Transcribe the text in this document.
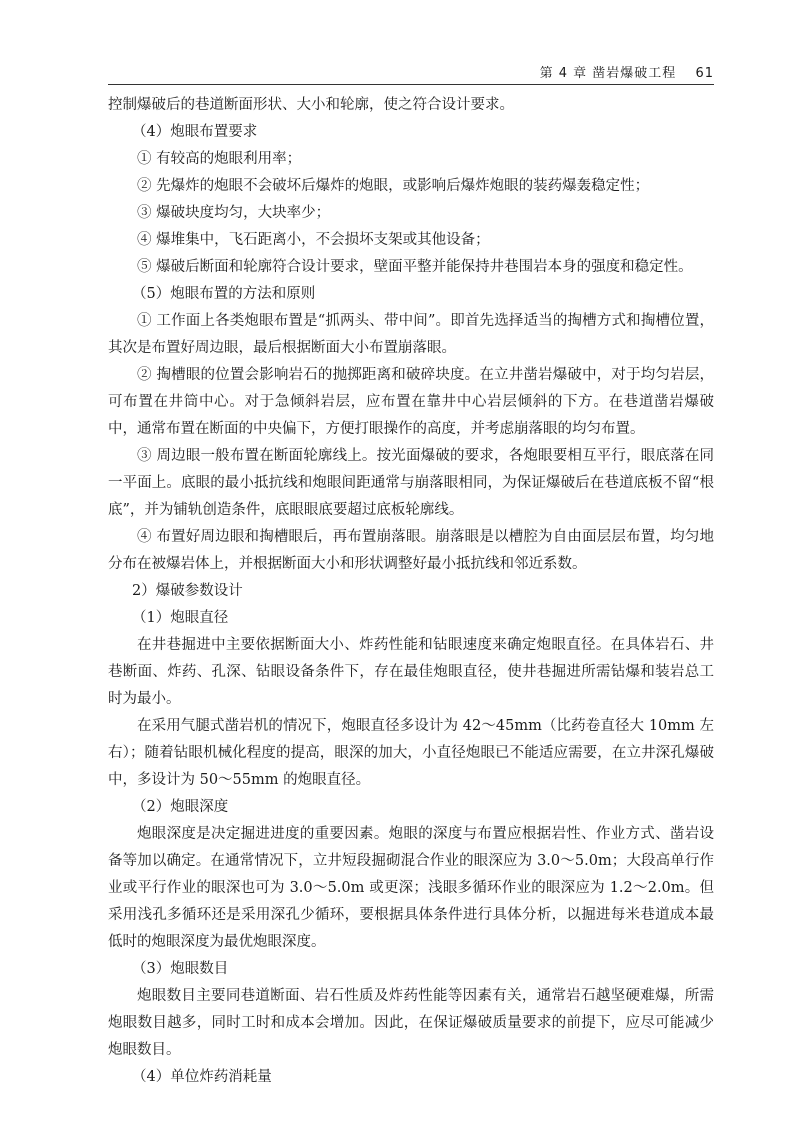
第 4 章 凿岩爆破工程 61

控制爆破后的巷道断面形状、大小和轮廓，使之符合设计要求。

（4）炮眼布置要求

① 有较高的炮眼利用率；

② 先爆炸的炮眼不会破坏后爆炸的炮眼，或影响后爆炸炮眼的装药爆轰稳定性；

③ 爆破块度均匀，大块率少；

④ 爆堆集中，飞石距离小，不会损坏支架或其他设备；

⑤ 爆破后断面和轮廓符合设计要求，壁面平整并能保持井巷围岩本身的强度和稳定性。

（5）炮眼布置的方法和原则

① 工作面上各类炮眼布置是“抓两头、带中间”。即首先选择适当的掏槽方式和掏槽位置，其次是布置好周边眼，最后根据断面大小布置崩落眼。

② 掏槽眼的位置会影响岩石的抛掷距离和破碎块度。在立井凿岩爆破中，对于均匀岩层，可布置在井筒中心。对于急倾斜岩层，应布置在靠井中心岩层倾斜的下方。在巷道凿岩爆破中，通常布置在断面的中央偏下，方便打眼操作的高度，并考虑崩落眼的均匀布置。

③ 周边眼一般布置在断面轮廓线上。按光面爆破的要求，各炮眼要相互平行，眼底落在同一平面上。底眼的最小抵抗线和炮眼间距通常与崩落眼相同，为保证爆破后在巷道底板不留“根底”，并为铺轨创造条件，底眼眼底要超过底板轮廓线。

④ 布置好周边眼和掏槽眼后，再布置崩落眼。崩落眼是以槽腔为自由面层层布置，均匀地分布在被爆岩体上，并根据断面大小和形状调整好最小抵抗线和邻近系数。

2）爆破参数设计

（1）炮眼直径

在井巷掘进中主要依据断面大小、炸药性能和钻眼速度来确定炮眼直径。在具体岩石、井巷断面、炸药、孔深、钻眼设备条件下，存在最佳炮眼直径，使井巷掘进所需钻爆和装岩总工时为最小。

在采用气腿式凿岩机的情况下，炮眼直径多设计为 42～45mm（比药卷直径大 10mm 左右）；随着钻眼机械化程度的提高，眼深的加大，小直径炮眼已不能适应需要，在立井深孔爆破中，多设计为 50～55mm 的炮眼直径。

（2）炮眼深度

炮眼深度是决定掘进进度的重要因素。炮眼的深度与布置应根据岩性、作业方式、凿岩设备等加以确定。在通常情况下，立井短段掘砌混合作业的眼深应为 3.0～5.0m；大段高单行作业或平行作业的眼深也可为 3.0～5.0m 或更深；浅眼多循环作业的眼深应为 1.2～2.0m。但采用浅孔多循环还是采用深孔少循环，要根据具体条件进行具体分析，以掘进每米巷道成本最低时的炮眼深度为最优炮眼深度。

（3）炮眼数目

炮眼数目主要同巷道断面、岩石性质及炸药性能等因素有关，通常岩石越坚硬难爆，所需炮眼数目越多，同时工时和成本会增加。因此，在保证爆破质量要求的前提下，应尽可能减少炮眼数目。

（4）单位炸药消耗量
